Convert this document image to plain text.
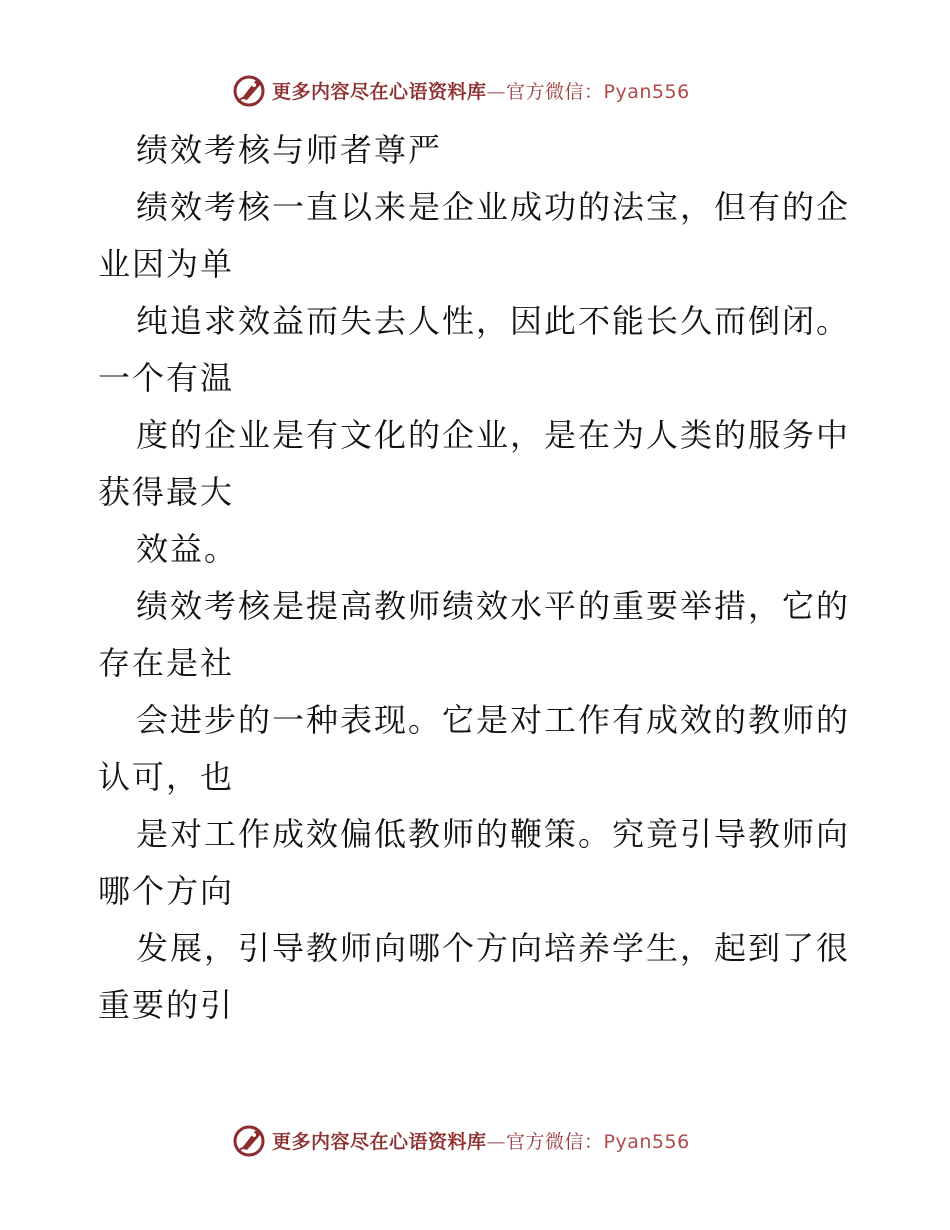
更多内容尽在心语资料库—官方微信：Pyan556
绩效考核与师者尊严
绩效考核一直以来是企业成功的法宝，但有的企
业因为单
纯追求效益而失去人性，因此不能长久而倒闭。
一个有温
度的企业是有文化的企业，是在为人类的服务中
获得最大
效益。
绩效考核是提高教师绩效水平的重要举措，它的
存在是社
会进步的一种表现。它是对工作有成效的教师的
认可，也
是对工作成效偏低教师的鞭策。究竟引导教师向
哪个方向
发展，引导教师向哪个方向培养学生，起到了很
重要的引
更多内容尽在心语资料库—官方微信：Pyan556
